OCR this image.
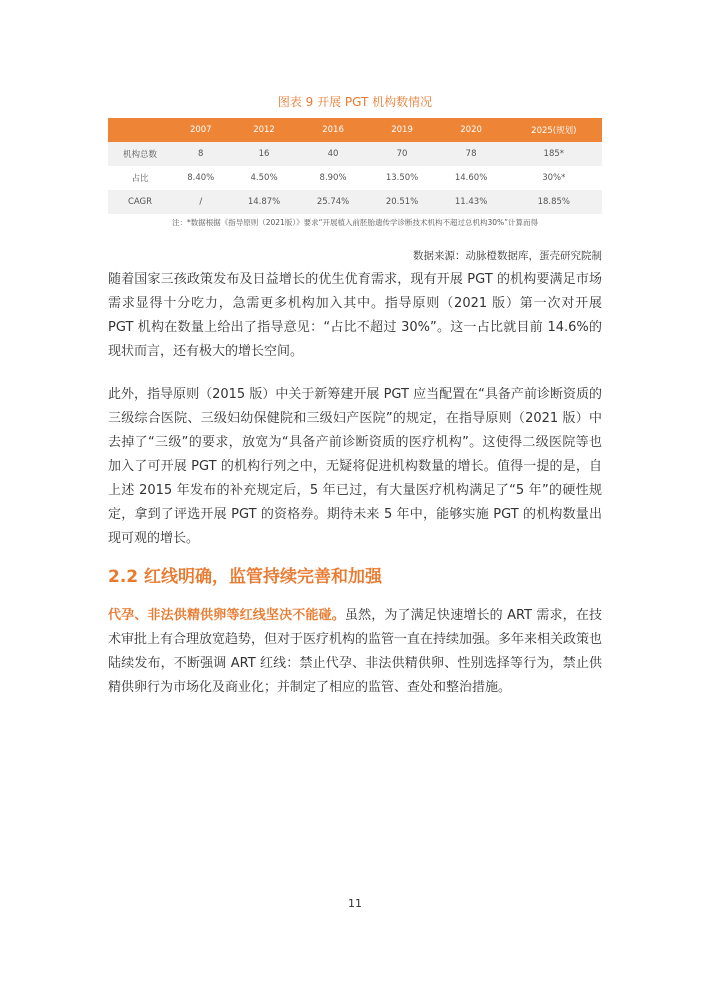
图表 9 开展 PGT 机构数情况
	2007	2012	2016	2019	2020	2025(规划)
机构总数	8	16	40	70	78	185*
占比	8.40%	4.50%	8.90%	13.50%	14.60%	30%*
CAGR	/	14.87%	25.74%	20.51%	11.43%	18.85%
注：*数据根据《指导原则（2021版）》要求“开展植入前胚胎遗传学诊断技术机构不超过总机构30%”计算而得
数据来源：动脉橙数据库，蛋壳研究院制

随着国家三孩政策发布及日益增长的优生优育需求，现有开展 PGT 的机构要满足市场需求显得十分吃力，急需更多机构加入其中。指导原则（2021 版）第一次对开展 PGT 机构在数量上给出了指导意见：“占比不超过 30%”。这一占比就目前 14.6%的现状而言，还有极大的增长空间。

此外，指导原则（2015 版）中关于新筹建开展 PGT 应当配置在“具备产前诊断资质的三级综合医院、三级妇幼保健院和三级妇产医院”的规定，在指导原则（2021 版）中去掉了“三级”的要求，放宽为“具备产前诊断资质的医疗机构”。这使得二级医院等也加入了可开展 PGT 的机构行列之中，无疑将促进机构数量的增长。值得一提的是，自上述 2015 年发布的补充规定后，5 年已过，有大量医疗机构满足了“5 年”的硬性规定，拿到了评选开展 PGT 的资格券。期待未来 5 年中，能够实施 PGT 的机构数量出现可观的增长。

2.2 红线明确，监管持续完善和加强

代孕、非法供精供卵等红线坚决不能碰。虽然，为了满足快速增长的 ART 需求，在技术审批上有合理放宽趋势，但对于医疗机构的监管一直在持续加强。多年来相关政策也陆续发布，不断强调 ART 红线：禁止代孕、非法供精供卵、性别选择等行为，禁止供精供卵行为市场化及商业化；并制定了相应的监管、查处和整治措施。

11
